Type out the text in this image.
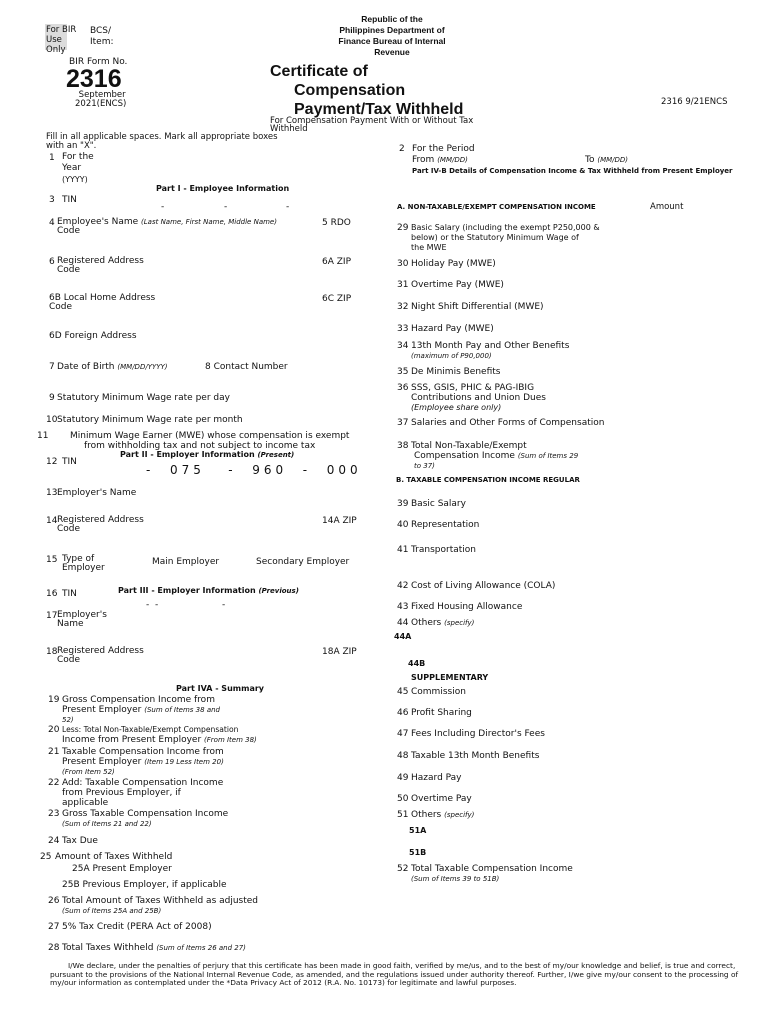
For BIR
Use
Only
BCS/
Item:
Republic of the
Philippines Department of
Finance Bureau of Internal
Revenue
BIR Form No.
2316
September
2021(ENCS)
Certificate of
Compensation
Payment/Tax Withheld
For Compensation Payment With or Without Tax
Withheld
2316 9/21ENCS
Fill in all applicable spaces. Mark all appropriate boxes
with an "X".
1 For the
Year
(YYYY)
Part I - Employee Information
3 TIN
-	-	-
4 Employee's Name (Last Name, First Name, Middle Name)
Code
5 RDO
6 Registered Address
Code
6A ZIP
6B Local Home Address
Code
6C ZIP
6D Foreign Address
7 Date of Birth (MM/DD/YYYY)	8 Contact Number
9 Statutory Minimum Wage rate per day
10 Statutory Minimum Wage rate per month
11 Minimum Wage Earner (MWE) whose compensation is exempt
from withholding tax and not subject to income tax
Part II - Employer Information (Present)
12 TIN
-  075   -  960  -  000
13 Employer's Name
14 Registered Address
Code
14A ZIP
15 Type of
Employer
Main Employer	Secondary Employer
Part III - Employer Information (Previous)
16 TIN
-  -	-
17 Employer's
Name
18 Registered Address
Code
18A ZIP
Part IVA - Summary
19 Gross Compensation Income from
Present Employer (Sum of Items 38 and
52)
20 Less: Total Non-Taxable/Exempt Compensation
Income from Present Employer (From Item 38)
21 Taxable Compensation Income from
Present Employer (Item 19 Less Item 20)
(From Item 52)
22 Add: Taxable Compensation Income
from Previous Employer, if
applicable
23 Gross Taxable Compensation Income
(Sum of Items 21 and 22)
24 Tax Due
25 Amount of Taxes Withheld
25A Present Employer
25B Previous Employer, if applicable
26 Total Amount of Taxes Withheld as adjusted
(Sum of Items 25A and 25B)
27 5% Tax Credit (PERA Act of 2008)
28 Total Taxes Withheld (Sum of Items 26 and 27)
2 For the Period
From (MM/DD)	To (MM/DD)
Part IV-B Details of Compensation Income & Tax Withheld from Present Employer
A. NON-TAXABLE/EXEMPT COMPENSATION INCOME	Amount
29 Basic Salary (including the exempt P250,000 &
below) or the Statutory Minimum Wage of
the MWE
30 Holiday Pay (MWE)
31 Overtime Pay (MWE)
32 Night Shift Differential (MWE)
33 Hazard Pay (MWE)
34 13th Month Pay and Other Benefits
(maximum of P90,000)
35 De Minimis Benefits
36 SSS, GSIS, PHIC & PAG-IBIG
Contributions and Union Dues
(Employee share only)
37 Salaries and Other Forms of Compensation
38 Total Non-Taxable/Exempt
Compensation Income (Sum of Items 29
to 37)
B. TAXABLE COMPENSATION INCOME REGULAR
39 Basic Salary
40 Representation
41 Transportation
42 Cost of Living Allowance (COLA)
43 Fixed Housing Allowance
44 Others (specify)
44A
44B
SUPPLEMENTARY
45 Commission
46 Profit Sharing
47 Fees Including Director's Fees
48 Taxable 13th Month Benefits
49 Hazard Pay
50 Overtime Pay
51 Others (specify)
51A
51B
52 Total Taxable Compensation Income
(Sum of Items 39 to 51B)
I/We declare, under the penalties of perjury that this certificate has been made in good faith, verified by me/us, and to the best of my/our knowledge and belief, is true and correct, pursuant to the provisions of the National Internal Revenue Code, as amended, and the regulations issued under authority thereof. Further, I/we give my/our consent to the processing of my/our information as contemplated under the *Data Privacy Act of 2012 (R.A. No. 10173) for legitimate and lawful purposes.
